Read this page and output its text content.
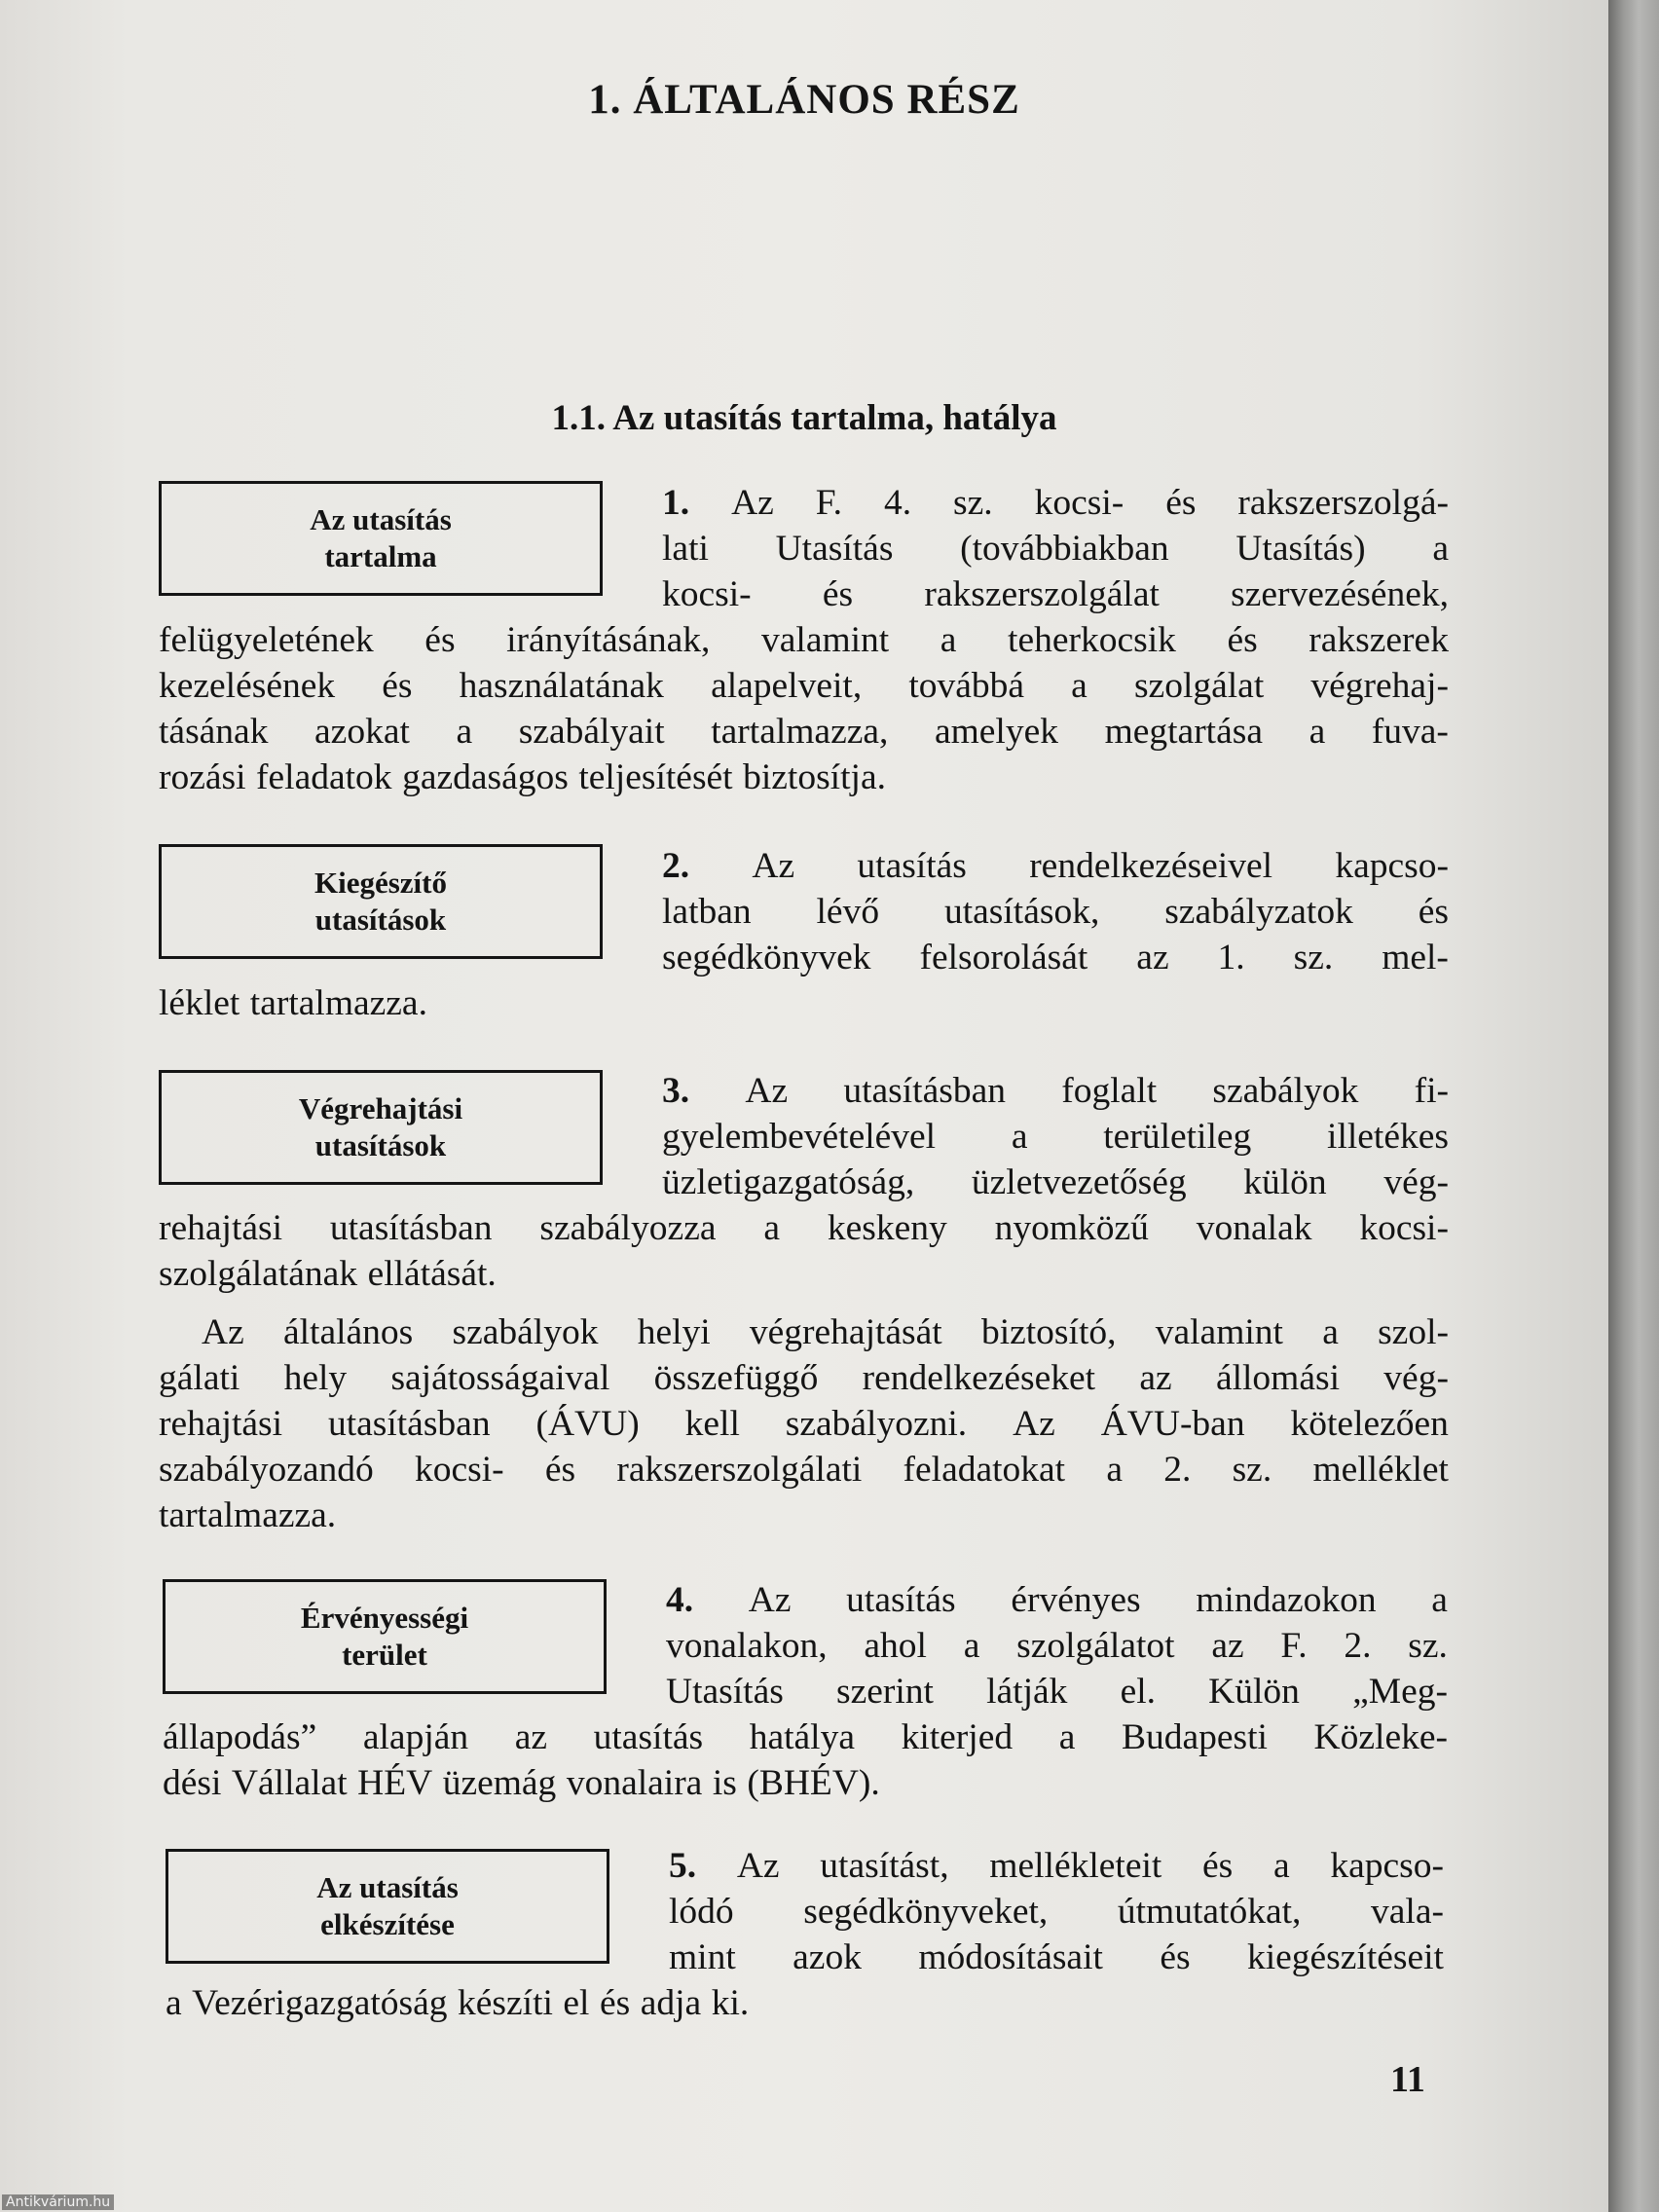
1. ÁLTALÁNOS RÉSZ
1.1. Az utasítás tartalma, hatálya
Az utasítás
tartalma
1. Az F. 4. sz. kocsi- és rakszerszolgá-
lati Utasítás (továbbiakban Utasítás) a
kocsi- és rakszerszolgálat szervezésének,
felügyeletének és irányításának, valamint a teherkocsik és rakszerek
kezelésének és használatának alapelveit, továbbá a szolgálat végrehaj-
tásának azokat a szabályait tartalmazza, amelyek megtartása a fuva-
rozási feladatok gazdaságos teljesítését biztosítja.
Kiegészítő
utasítások
2. Az utasítás rendelkezéseivel kapcso-
latban lévő utasítások, szabályzatok és
segédkönyvek felsorolását az 1. sz. mel-
léklet tartalmazza.
Végrehajtási
utasítások
3. Az utasításban foglalt szabályok fi-
gyelembevételével a területileg illetékes
üzletigazgatóság, üzletvezetőség külön vég-
rehajtási utasításban szabályozza a keskeny nyomközű vonalak kocsi-
szolgálatának ellátását.
Az általános szabályok helyi végrehajtását biztosító, valamint a szol-
gálati hely sajátosságaival összefüggő rendelkezéseket az állomási vég-
rehajtási utasításban (ÁVU) kell szabályozni. Az ÁVU-ban kötelezően
szabályozandó kocsi- és rakszerszolgálati feladatokat a 2. sz. melléklet
tartalmazza.
Érvényességi
terület
4. Az utasítás érvényes mindazokon a
vonalakon, ahol a szolgálatot az F. 2. sz.
Utasítás szerint látják el. Külön „Meg-
állapodás” alapján az utasítás hatálya kiterjed a Budapesti Közleke-
dési Vállalat HÉV üzemág vonalaira is (BHÉV).
Az utasítás
elkészítése
5. Az utasítást, mellékleteit és a kapcso-
lódó segédkönyveket, útmutatókat, vala-
mint azok módosításait és kiegészítéseit
a Vezérigazgatóság készíti el és adja ki.
11
Antikvárium.hu
